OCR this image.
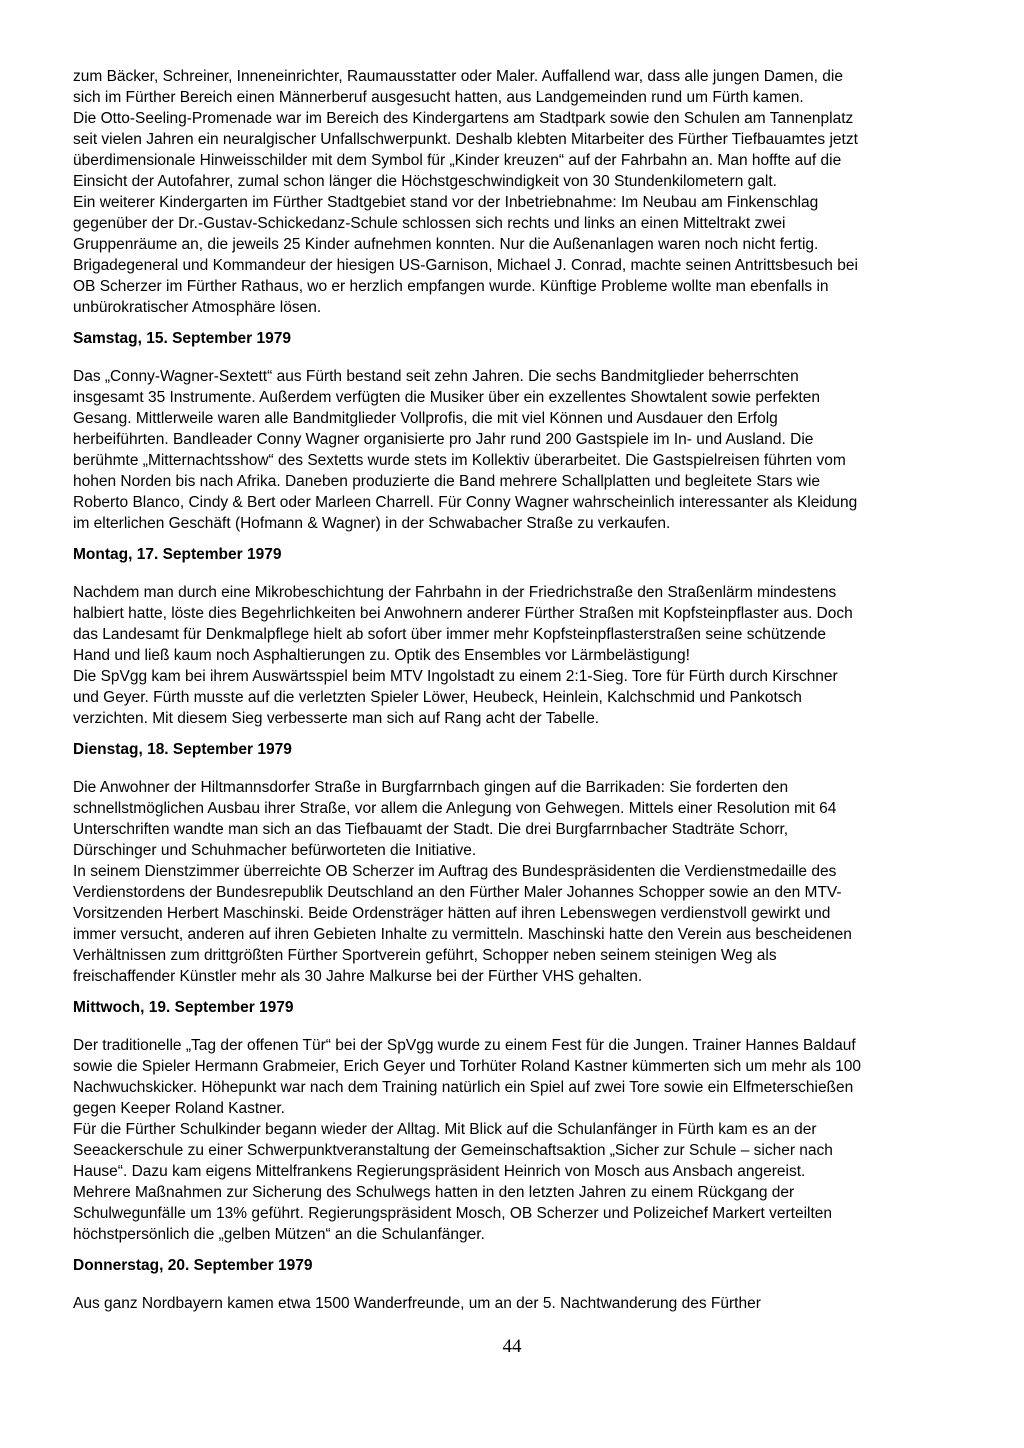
zum Bäcker, Schreiner, Inneneinrichter, Raumausstatter oder Maler. Auffallend war, dass alle jungen Damen, die
sich im Fürther Bereich einen Männerberuf ausgesucht hatten, aus Landgemeinden rund um Fürth kamen.
Die Otto-Seeling-Promenade war im Bereich des Kindergartens am Stadtpark sowie den Schulen am Tannenplatz
seit vielen Jahren ein neuralgischer Unfallschwerpunkt. Deshalb klebten Mitarbeiter des Fürther Tiefbauamtes jetzt
überdimensionale Hinweisschilder mit dem Symbol für „Kinder kreuzen“ auf der Fahrbahn an. Man hoffte auf die
Einsicht der Autofahrer, zumal schon länger die Höchstgeschwindigkeit von 30 Stundenkilometern galt.
Ein weiterer Kindergarten im Fürther Stadtgebiet stand vor der Inbetriebnahme: Im Neubau am Finkenschlag
gegenüber der Dr.-Gustav-Schickedanz-Schule schlossen sich rechts und links an einen Mitteltrakt zwei
Gruppenräume an, die jeweils 25 Kinder aufnehmen konnten. Nur die Außenanlagen waren noch nicht fertig.
Brigadegeneral und Kommandeur der hiesigen US-Garnison, Michael J. Conrad, machte seinen Antrittsbesuch bei
OB Scherzer im Fürther Rathaus, wo er herzlich empfangen wurde. Künftige Probleme wollte man ebenfalls in
unbürokratischer Atmosphäre lösen.
Samstag, 15. September 1979
Das „Conny-Wagner-Sextett“ aus Fürth bestand seit zehn Jahren. Die sechs Bandmitglieder beherrschten
insgesamt 35 Instrumente. Außerdem verfügten die Musiker über ein exzellentes Showtalent sowie perfekten
Gesang. Mittlerweile waren alle Bandmitglieder Vollprofis, die mit viel Können und Ausdauer den Erfolg
herbeiführten. Bandleader Conny Wagner organisierte pro Jahr rund 200 Gastspiele im In- und Ausland. Die
berühmte „Mitternachtsshow“ des Sextetts wurde stets im Kollektiv überarbeitet. Die Gastspielreisen führten vom
hohen Norden bis nach Afrika. Daneben produzierte die Band mehrere Schallplatten und begleitete Stars wie
Roberto Blanco, Cindy & Bert oder Marleen Charrell. Für Conny Wagner wahrscheinlich interessanter als Kleidung
im elterlichen Geschäft (Hofmann & Wagner) in der Schwabacher Straße zu verkaufen.
Montag, 17. September 1979
Nachdem man durch eine Mikrobeschichtung der Fahrbahn in der Friedrichstraße den Straßenlärm mindestens
halbiert hatte, löste dies Begehrlichkeiten bei Anwohnern anderer Fürther Straßen mit Kopfsteinpflaster aus. Doch
das Landesamt für Denkmalpflege hielt ab sofort über immer mehr Kopfsteinpflasterstraßen seine schützende
Hand und ließ kaum noch Asphaltierungen zu. Optik des Ensembles vor Lärmbelästigung!
Die SpVgg kam bei ihrem Auswärtsspiel beim MTV Ingolstadt zu einem 2:1-Sieg. Tore für Fürth durch Kirschner
und Geyer. Fürth musste auf die verletzten Spieler Löwer, Heubeck, Heinlein, Kalchschmid und Pankotsch
verzichten. Mit diesem Sieg verbesserte man sich auf Rang acht der Tabelle.
Dienstag, 18. September 1979
Die Anwohner der Hiltmannsdorfer Straße in Burgfarrnbach gingen auf die Barrikaden: Sie forderten den
schnellstmöglichen Ausbau ihrer Straße, vor allem die Anlegung von Gehwegen. Mittels einer Resolution mit 64
Unterschriften wandte man sich an das Tiefbauamt der Stadt. Die drei Burgfarrnbacher Stadträte Schorr,
Dürschinger und Schuhmacher befürworteten die Initiative.
In seinem Dienstzimmer überreichte OB Scherzer im Auftrag des Bundespräsidenten die Verdienstmedaille des
Verdienstordens der Bundesrepublik Deutschland an den Fürther Maler Johannes Schopper sowie an den MTV-
Vorsitzenden Herbert Maschinski. Beide Ordensträger hätten auf ihren Lebenswegen verdienstvoll gewirkt und
immer versucht, anderen auf ihren Gebieten Inhalte zu vermitteln. Maschinski hatte den Verein aus bescheidenen
Verhältnissen zum drittgrößten Fürther Sportverein geführt, Schopper neben seinem steinigen Weg als
freischaffender Künstler mehr als 30 Jahre Malkurse bei der Fürther VHS gehalten.
Mittwoch, 19. September 1979
Der traditionelle „Tag der offenen Tür“ bei der SpVgg wurde zu einem Fest für die Jungen. Trainer Hannes Baldauf
sowie die Spieler Hermann Grabmeier, Erich Geyer und Torhüter Roland Kastner kümmerten sich um mehr als 100
Nachwuchskicker. Höhepunkt war nach dem Training natürlich ein Spiel auf zwei Tore sowie ein Elfmeterschießen
gegen Keeper Roland Kastner.
Für die Fürther Schulkinder begann wieder der Alltag. Mit Blick auf die Schulanfänger in Fürth kam es an der
Seeackerschule zu einer Schwerpunktveranstaltung der Gemeinschaftsaktion „Sicher zur Schule – sicher nach
Hause“. Dazu kam eigens Mittelfrankens Regierungspräsident Heinrich von Mosch aus Ansbach angereist.
Mehrere Maßnahmen zur Sicherung des Schulwegs hatten in den letzten Jahren zu einem Rückgang der
Schulwegunfälle um 13% geführt. Regierungspräsident Mosch, OB Scherzer und Polizeichef Markert verteilten
höchstpersönlich die „gelben Mützen“ an die Schulanfänger.
Donnerstag, 20. September 1979
Aus ganz Nordbayern kamen etwa 1500 Wanderfreunde, um an der 5. Nachtwanderung des Fürther
44
